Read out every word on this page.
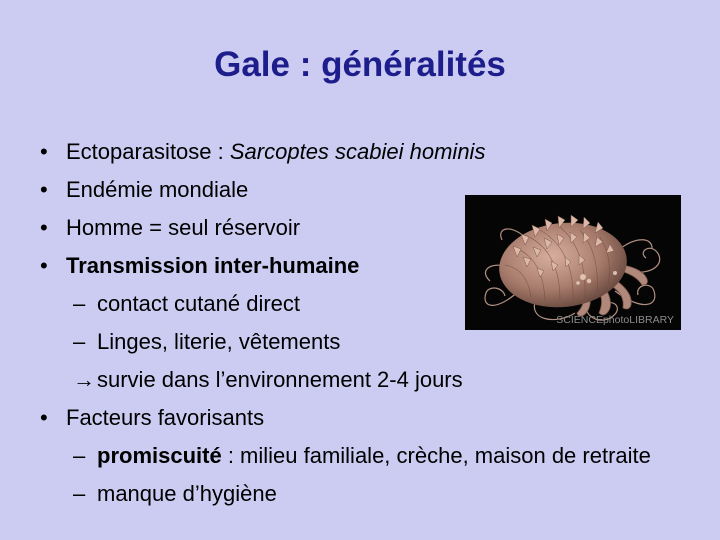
Gale : généralités
• Ectoparasitose : Sarcoptes scabiei hominis
• Endémie mondiale
• Homme = seul réservoir
• Transmission inter-humaine
– contact cutané direct
– Linges, literie, vêtements
→ survie dans l’environnement 2-4 jours
• Facteurs favorisants
– promiscuité : milieu familiale, crèche, maison de retraite
– manque d’hygiène
SCIENCEphotoLIBRARY
